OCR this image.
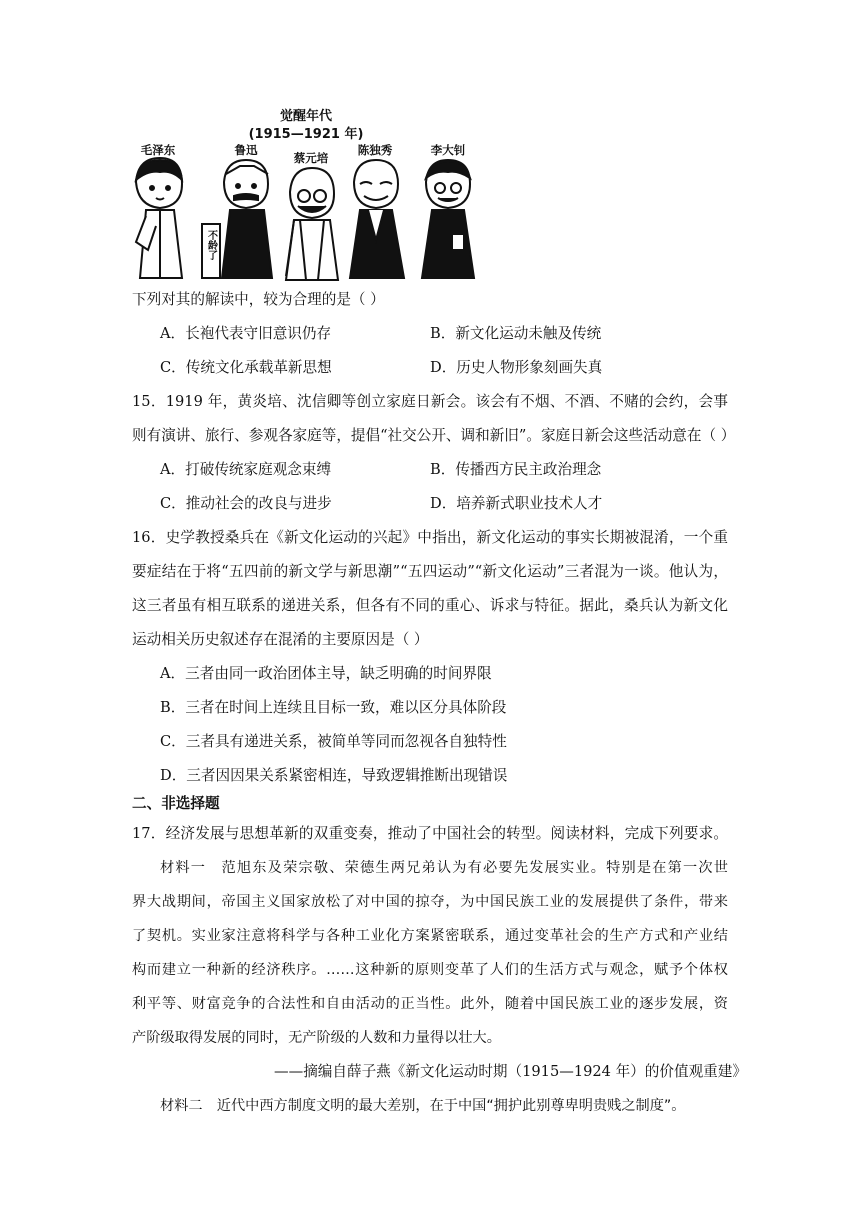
觉醒年代
(1915—1921 年)
毛泽东	鲁迅
蔡元培
陈独秀	李大钊
不龄了
下列对其的解读中，较为合理的是（ ）
A．长袍代表守旧意识仍存	B．新文化运动未触及传统
C．传统文化承载革新思想	D．历史人物形象刻画失真
15．1919 年，黄炎培、沈信卿等创立家庭日新会。该会有不烟、不酒、不赌的会约，会事
则有演讲、旅行、参观各家庭等，提倡“社交公开、调和新旧”。家庭日新会这些活动意在（ ）
A．打破传统家庭观念束缚	B．传播西方民主政治理念
C．推动社会的改良与进步	D．培养新式职业技术人才
16．史学教授桑兵在《新文化运动的兴起》中指出，新文化运动的事实长期被混淆，一个重
要症结在于将“五四前的新文学与新思潮”“五四运动”“新文化运动”三者混为一谈。他认为，
这三者虽有相互联系的递进关系，但各有不同的重心、诉求与特征。据此，桑兵认为新文化
运动相关历史叙述存在混淆的主要原因是（ ）
A．三者由同一政治团体主导，缺乏明确的时间界限
B．三者在时间上连续且目标一致，难以区分具体阶段
C．三者具有递进关系，被简单等同而忽视各自独特性
D．三者因因果关系紧密相连，导致逻辑推断出现错误
二、非选择题
17．经济发展与思想革新的双重变奏，推动了中国社会的转型。阅读材料，完成下列要求。
材料一　范旭东及荣宗敬、荣德生两兄弟认为有必要先发展实业。特别是在第一次世
界大战期间，帝国主义国家放松了对中国的掠夺，为中国民族工业的发展提供了条件，带来
了契机。实业家注意将科学与各种工业化方案紧密联系，通过变革社会的生产方式和产业结
构而建立一种新的经济秩序。……这种新的原则变革了人们的生活方式与观念，赋予个体权
利平等、财富竞争的合法性和自由活动的正当性。此外，随着中国民族工业的逐步发展，资
产阶级取得发展的同时，无产阶级的人数和力量得以壮大。
——摘编自薛子燕《新文化运动时期（1915—1924 年）的价值观重建》
材料二　近代中西方制度文明的最大差别，在于中国“拥护此别尊卑明贵贱之制度”。
